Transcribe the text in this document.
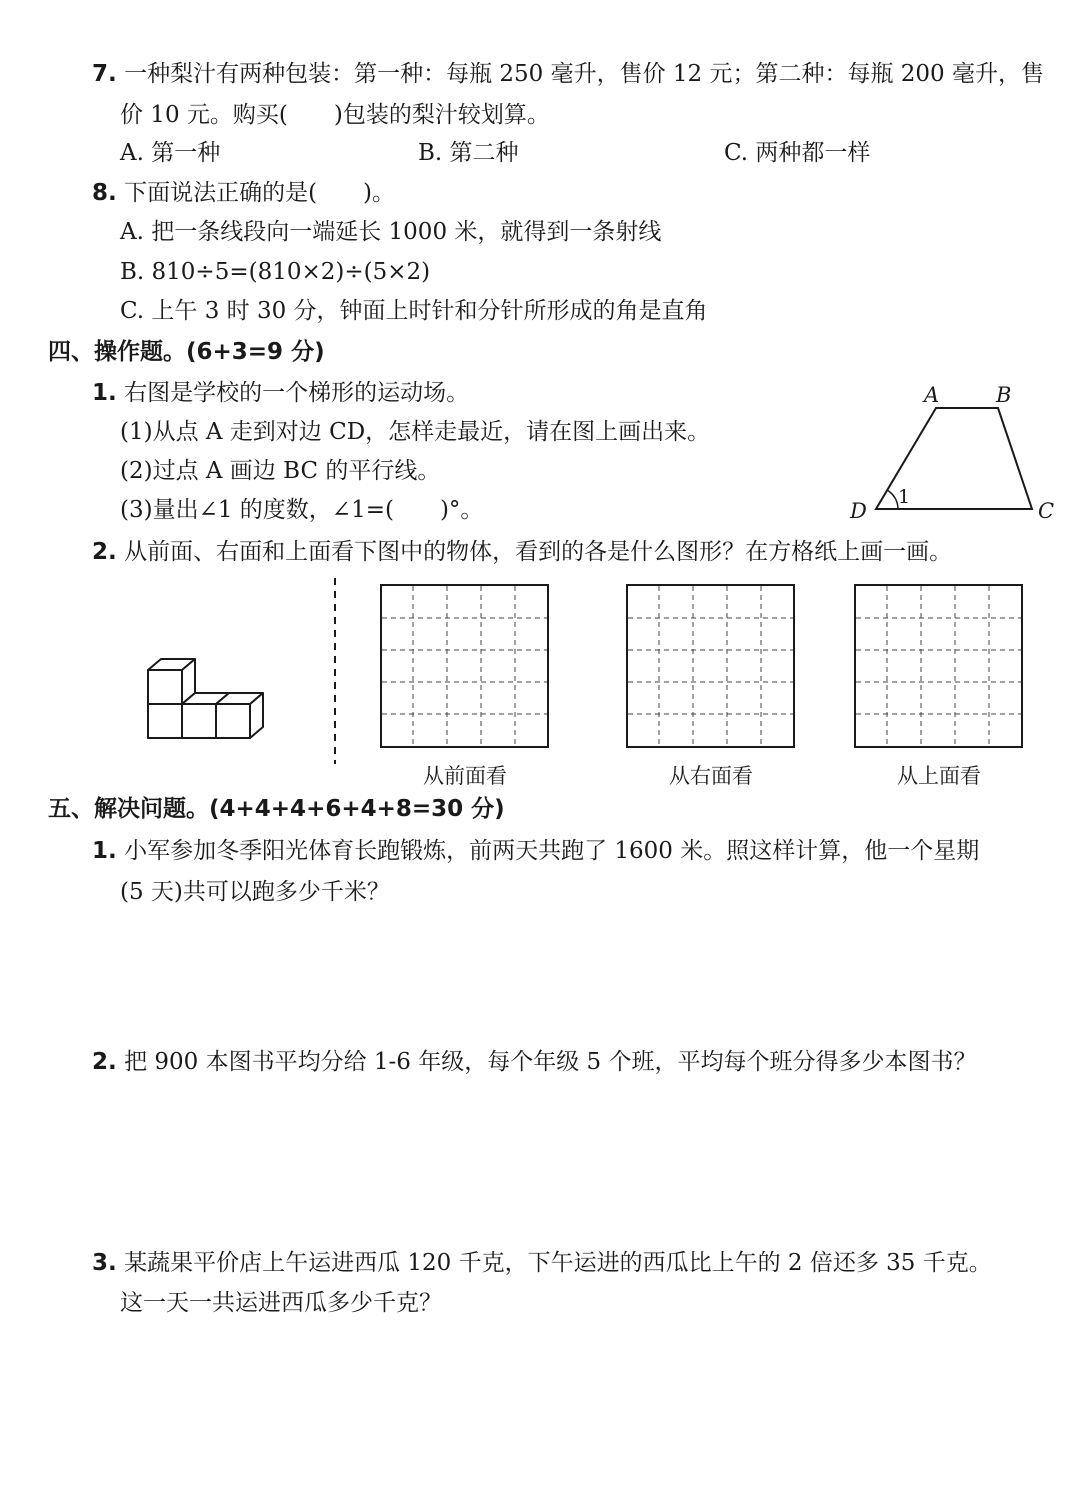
7. 一种梨汁有两种包装：第一种：每瓶 250 毫升，售价 12 元；第二种：每瓶 200 毫升，售
价 10 元。购买(　　)包装的梨汁较划算。
A. 第一种	B. 第二种	C. 两种都一样
8. 下面说法正确的是(　　)。
A. 把一条线段向一端延长 1000 米，就得到一条射线
B. 810÷5=(810×2)÷(5×2)
C. 上午 3 时 30 分，钟面上时针和分针所形成的角是直角
四、操作题。(6+3=9 分)
1. 右图是学校的一个梯形的运动场。
(1)从点 A 走到对边 CD，怎样走最近，请在图上画出来。
(2)过点 A 画边 BC 的平行线。
(3)量出∠1 的度数，∠1=(　　)°。
A	B
C
D
1
2. 从前面、右面和上面看下图中的物体，看到的各是什么图形？在方格纸上画一画。
从前面看	从右面看	从上面看
五、解决问题。(4+4+4+6+4+8=30 分)
1. 小军参加冬季阳光体育长跑锻炼，前两天共跑了 1600 米。照这样计算，他一个星期
(5 天)共可以跑多少千米？
2. 把 900 本图书平均分给 1-6 年级，每个年级 5 个班，平均每个班分得多少本图书？
3. 某蔬果平价店上午运进西瓜 120 千克，下午运进的西瓜比上午的 2 倍还多 35 千克。
这一天一共运进西瓜多少千克？
